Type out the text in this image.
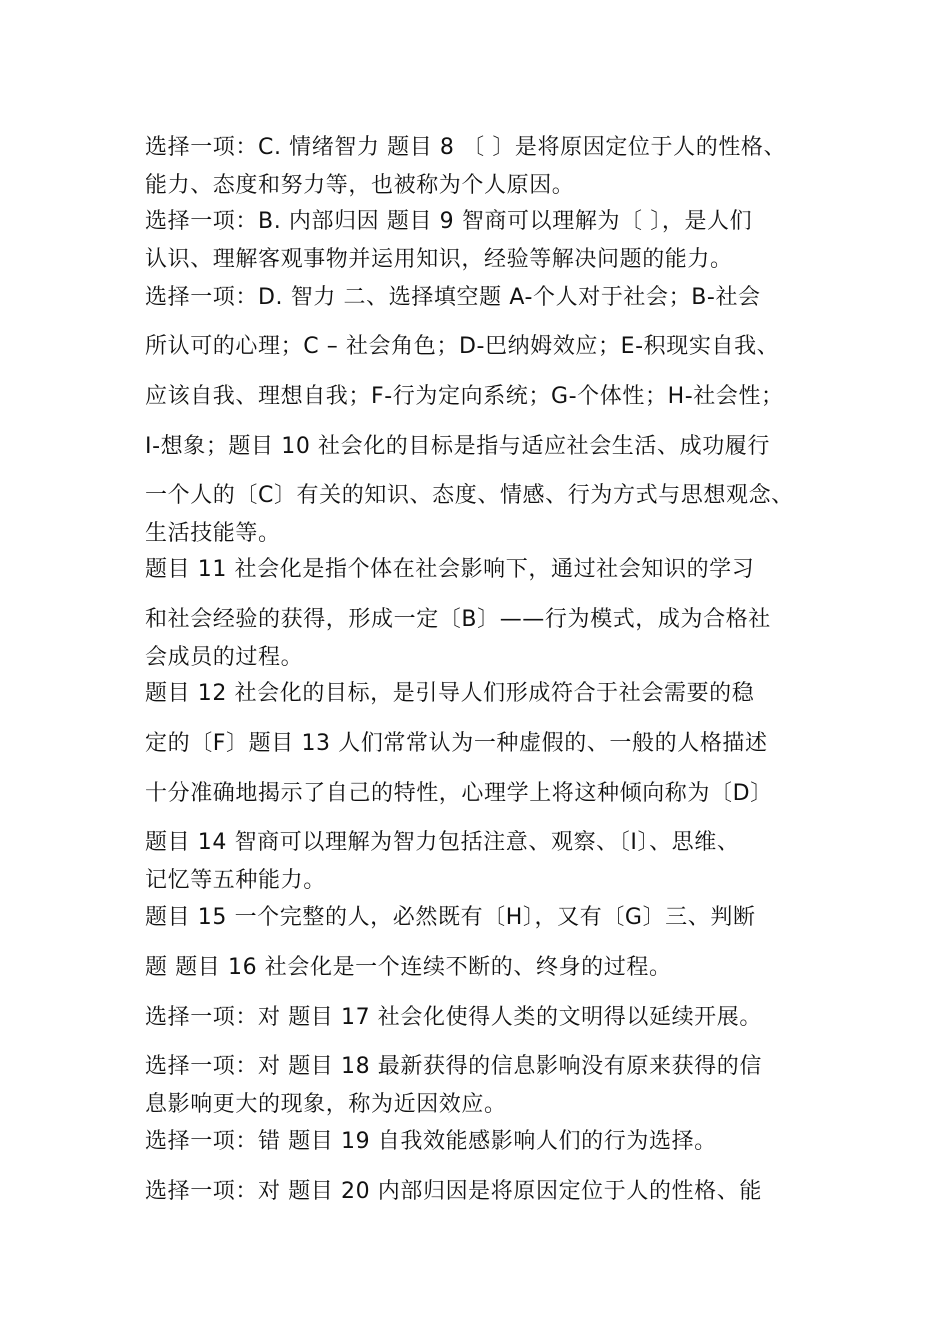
选择一项：C. 情绪智力 题目 8 〔 〕是将原因定位于人的性格、
能力、态度和努力等，也被称为个人原因。
选择一项：B. 内部归因 题目 9 智商可以理解为〔 〕，是人们
认识、理解客观事物并运用知识，经验等解决问题的能力。
选择一项：D. 智力 二、选择填空题 A-个人对于社会；B-社会
所认可的心理；C – 社会角色；D-巴纳姆效应；E-积现实自我、
应该自我、理想自我；F-行为定向系统；G-个体性；H-社会性；
I-想象；题目 10 社会化的目标是指与适应社会生活、成功履行
一个人的〔C〕有关的知识、态度、情感、行为方式与思想观念、
生活技能等。
题目 11 社会化是指个体在社会影响下，通过社会知识的学习
和社会经验的获得，形成一定〔B〕——行为模式，成为合格社
会成员的过程。
题目 12 社会化的目标，是引导人们形成符合于社会需要的稳
定的〔F〕题目 13 人们常常认为一种虚假的、一般的人格描述
十分准确地揭示了自己的特性，心理学上将这种倾向称为〔D〕
题目 14 智商可以理解为智力包括注意、观察、〔I〕、思维、
记忆等五种能力。
题目 15 一个完整的人，必然既有〔H〕，又有〔G〕三、判断
题 题目 16 社会化是一个连续不断的、终身的过程。
选择一项：对 题目 17 社会化使得人类的文明得以延续开展。
选择一项：对 题目 18 最新获得的信息影响没有原来获得的信
息影响更大的现象，称为近因效应。
选择一项：错 题目 19 自我效能感影响人们的行为选择。
选择一项：对 题目 20 内部归因是将原因定位于人的性格、能
